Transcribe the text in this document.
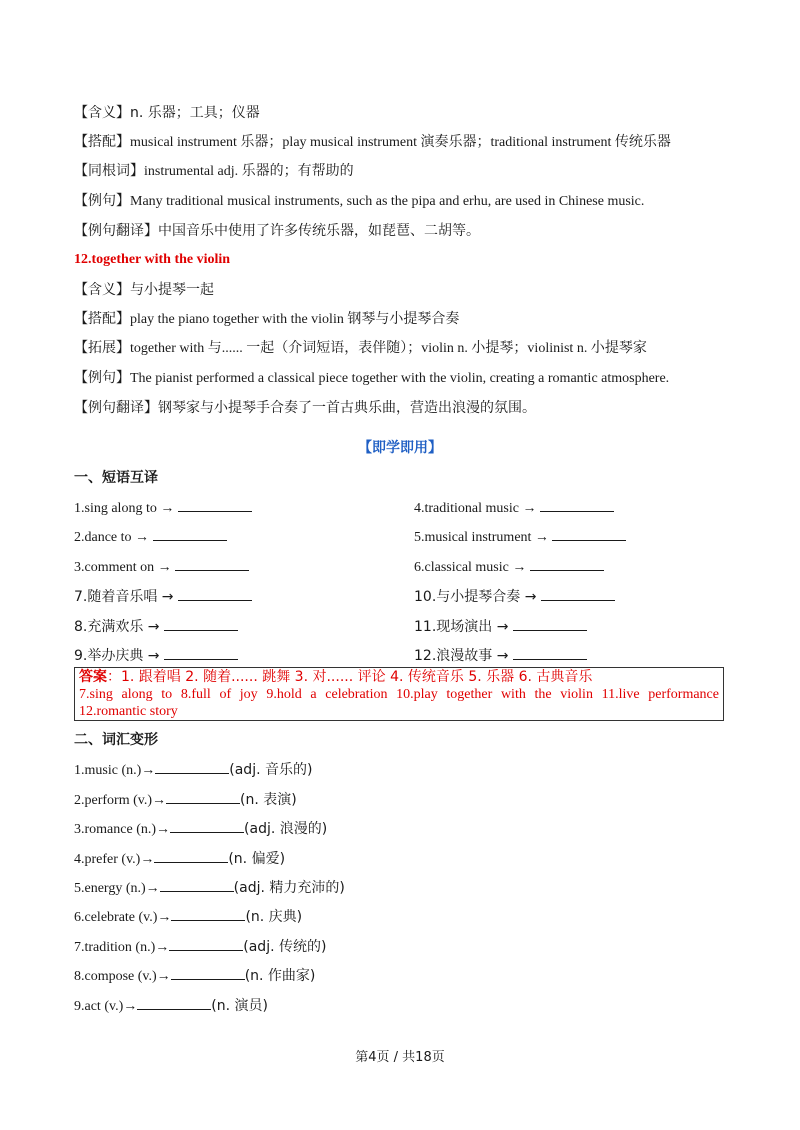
【含义】n. 乐器；工具；仪器
【搭配】musical instrument 乐器；play musical instrument 演奏乐器；traditional instrument 传统乐器
【同根词】instrumental adj. 乐器的；有帮助的
【例句】Many traditional musical instruments, such as the pipa and erhu, are used in Chinese music.
【例句翻译】中国音乐中使用了许多传统乐器，如琵琶、二胡等。
12.together with the violin
【含义】与小提琴一起
【搭配】play the piano together with the violin 钢琴与小提琴合奏
【拓展】together with 与...... 一起（介词短语，表伴随）；violin n. 小提琴；violinist n. 小提琴家
【例句】The pianist performed a classical piece together with the violin, creating a romantic atmosphere.
【例句翻译】钢琴家与小提琴手合奏了一首古典乐曲，营造出浪漫的氛围。
【即学即用】
一、短语互译
1.sing along to →	4.traditional music →
2.dance to →	5.musical instrument →
3.comment on →	6.classical music →
7.随着音乐唱 →	10.与小提琴合奏 →
8.充满欢乐 →	11.现场演出 →
9.举办庆典 →	12.浪漫故事 →
答案：1. 跟着唱 2. 随着...... 跳舞 3. 对...... 评论 4. 传统音乐 5. 乐器 6. 古典音乐
7.sing along to 8.full of joy 9.hold a celebration 10.play together with the violin 11.live performance
12.romantic story
二、词汇变形
1.music (n.)→	(adj. 音乐的)
2.perform (v.)→	(n. 表演)
3.romance (n.)→	(adj. 浪漫的)
4.prefer (v.)→	(n. 偏爱)
5.energy (n.)→	(adj. 精力充沛的)
6.celebrate (v.)→	(n. 庆典)
7.tradition (n.)→	(adj. 传统的)
8.compose (v.)→	(n. 作曲家)
9.act (v.)→	(n. 演员)
第4页 / 共18页
